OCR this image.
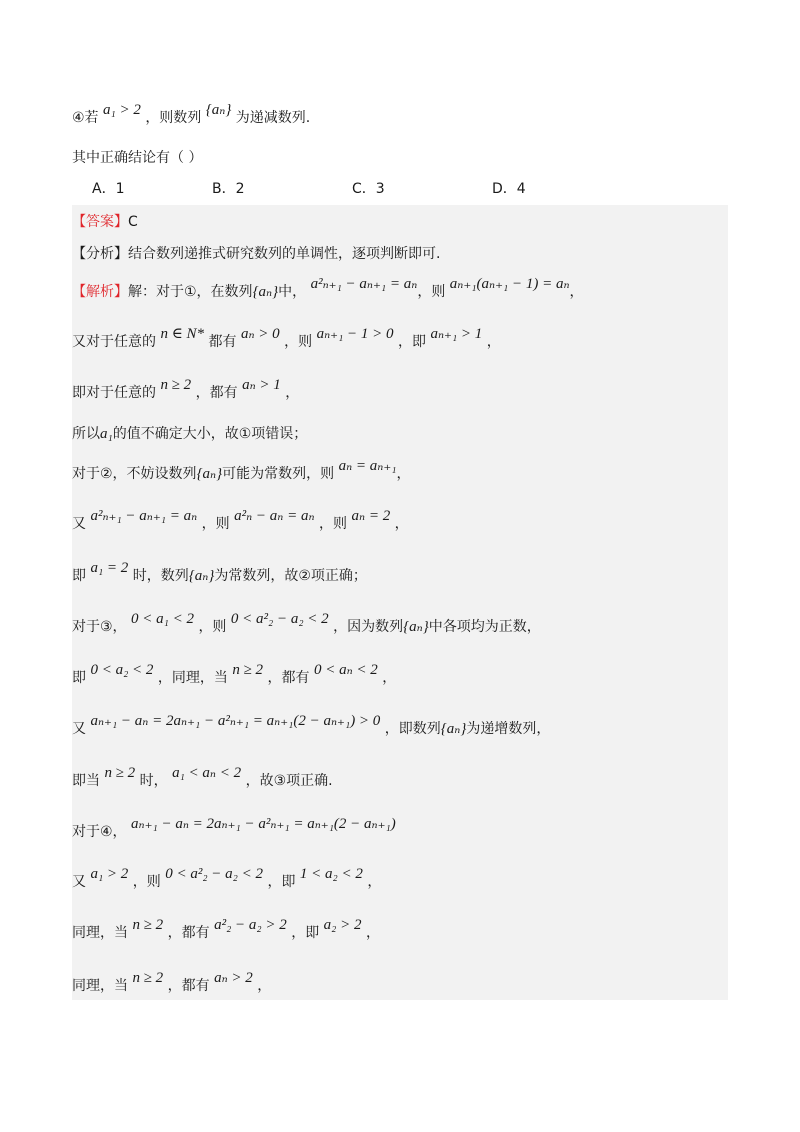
④若 a₁ > 2 ，则数列 {aₙ} 为递减数列.
其中正确结论有（ ）
A．1	B．2	C．3	D．4
【答案】C
【分析】结合数列递推式研究数列的单调性，逐项判断即可.
【解析】解：对于①，在数列{aₙ}中， a²ₙ₊₁ − aₙ₊₁ = aₙ，则 aₙ₊₁(aₙ₊₁ − 1) = aₙ，
又对于任意的 n ∈ N* 都有 aₙ > 0 ，则 aₙ₊₁ − 1 > 0 ，即 aₙ₊₁ > 1 ，
即对于任意的 n ≥ 2 ，都有 aₙ > 1 ，
所以a₁的值不确定大小，故①项错误；
对于②，不妨设数列{aₙ}可能为常数列，则 aₙ = aₙ₊₁，
又 a²ₙ₊₁ − aₙ₊₁ = aₙ ，则 a²ₙ − aₙ = aₙ ，则 aₙ = 2 ，
即 a₁ = 2 时，数列{aₙ}为常数列，故②项正确；
对于③， 0 < a₁ < 2 ，则 0 < a²₂ − a₂ < 2 ，因为数列{aₙ}中各项均为正数，
即 0 < a₂ < 2 ，同理，当 n ≥ 2 ，都有 0 < aₙ < 2 ，
又 aₙ₊₁ − aₙ = 2aₙ₊₁ − a²ₙ₊₁ = aₙ₊₁(2 − aₙ₊₁) > 0 ，即数列{aₙ}为递增数列，
即当 n ≥ 2 时， a₁ < aₙ < 2 ，故③项正确.
对于④， aₙ₊₁ − aₙ = 2aₙ₊₁ − a²ₙ₊₁ = aₙ₊₁(2 − aₙ₊₁)
又 a₁ > 2 ，则 0 < a²₂ − a₂ < 2 ，即 1 < a₂ < 2 ，
同理，当 n ≥ 2 ，都有 a²₂ − a₂ > 2 ，即 a₂ > 2 ，
同理，当 n ≥ 2 ，都有 aₙ > 2 ，
